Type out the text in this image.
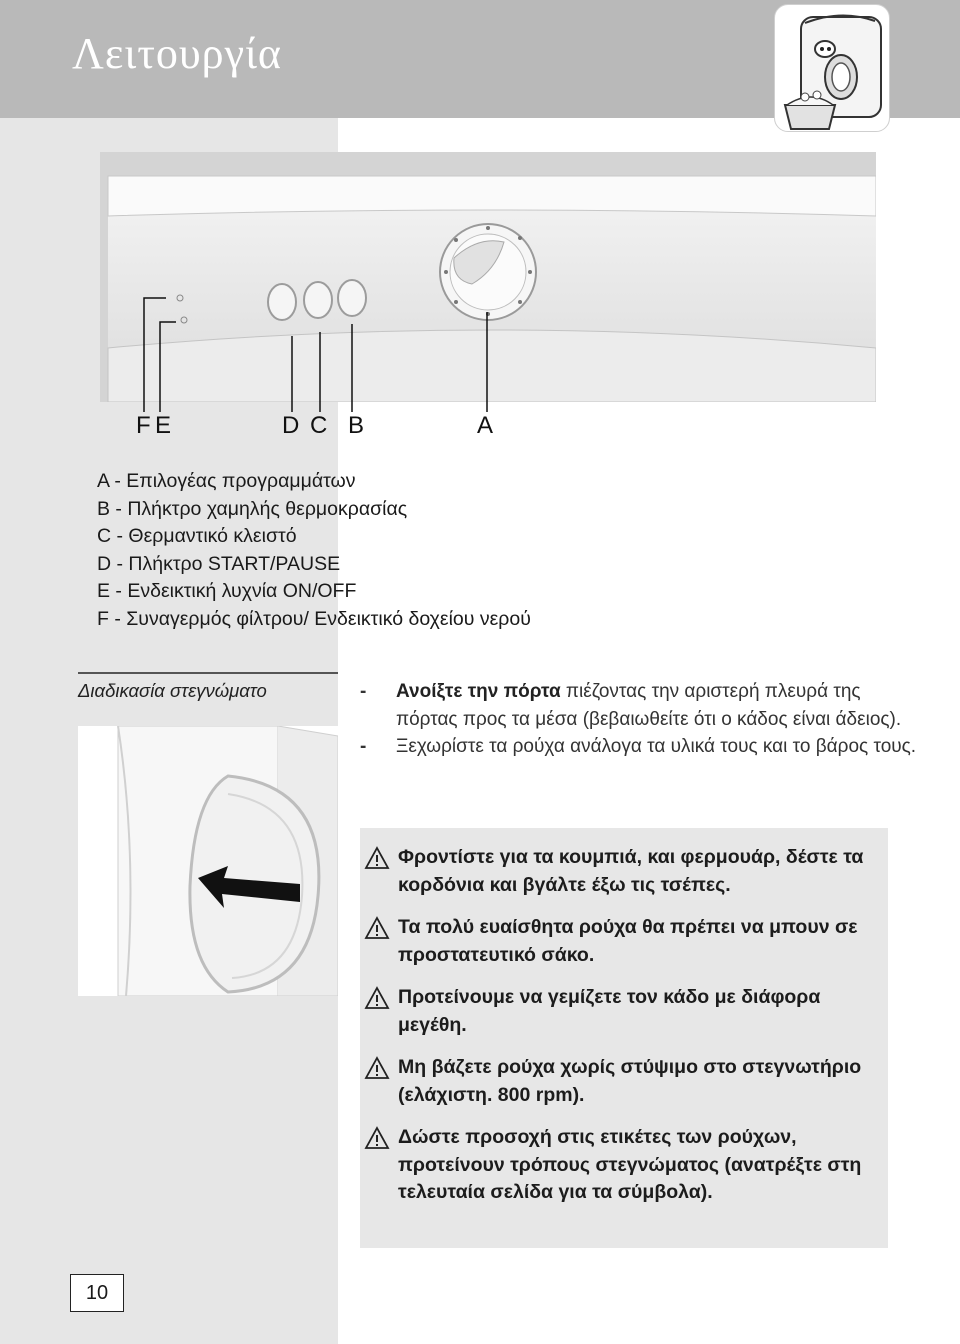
Λειτουργία
F E	D C B	A
A - Επιλογέας προγραμμάτων
B - Πλήκτρο χαμηλής θερμοκρασίας
C - Θερμαντικό κλειστό
D - Πλήκτρο START/PAUSE
E - Ενδεικτική λυχνία ON/OFF
F - Συναγερμός φίλτρου/ Ενδεικτικό δοχείου νερού
Διαδικασία στεγνώματο	- Ανοίξτε την πόρτα πιέζοντας την αριστερή πλευρά της πόρτας προς τα μέσα (βεβαιωθείτε ότι ο κάδος είναι άδειος).
- Ξεχωρίστε τα ρούχα ανάλογα τα υλικά τους και το βάρος τους.
Φροντίστε για τα κουμπιά, και φερμουάρ, δέστε τα κορδόνια και βγάλτε έξω τις τσέπες.
Τα πολύ ευαίσθητα ρούχα θα πρέπει να μπουν σε προστατευτικό σάκο.
Προτείνουμε να γεμίζετε τον κάδο με διάφορα μεγέθη.
Μη βάζετε ρούχα χωρίς στύψιμο στο στεγνωτήριο (ελάχιστη. 800 rpm).
Δώστε προσοχή στις ετικέτες των ρούχων, προτείνουν τρόπους στεγνώματος (ανατρέξτε στη τελευταία σελίδα για τα σύμβολα).
10
